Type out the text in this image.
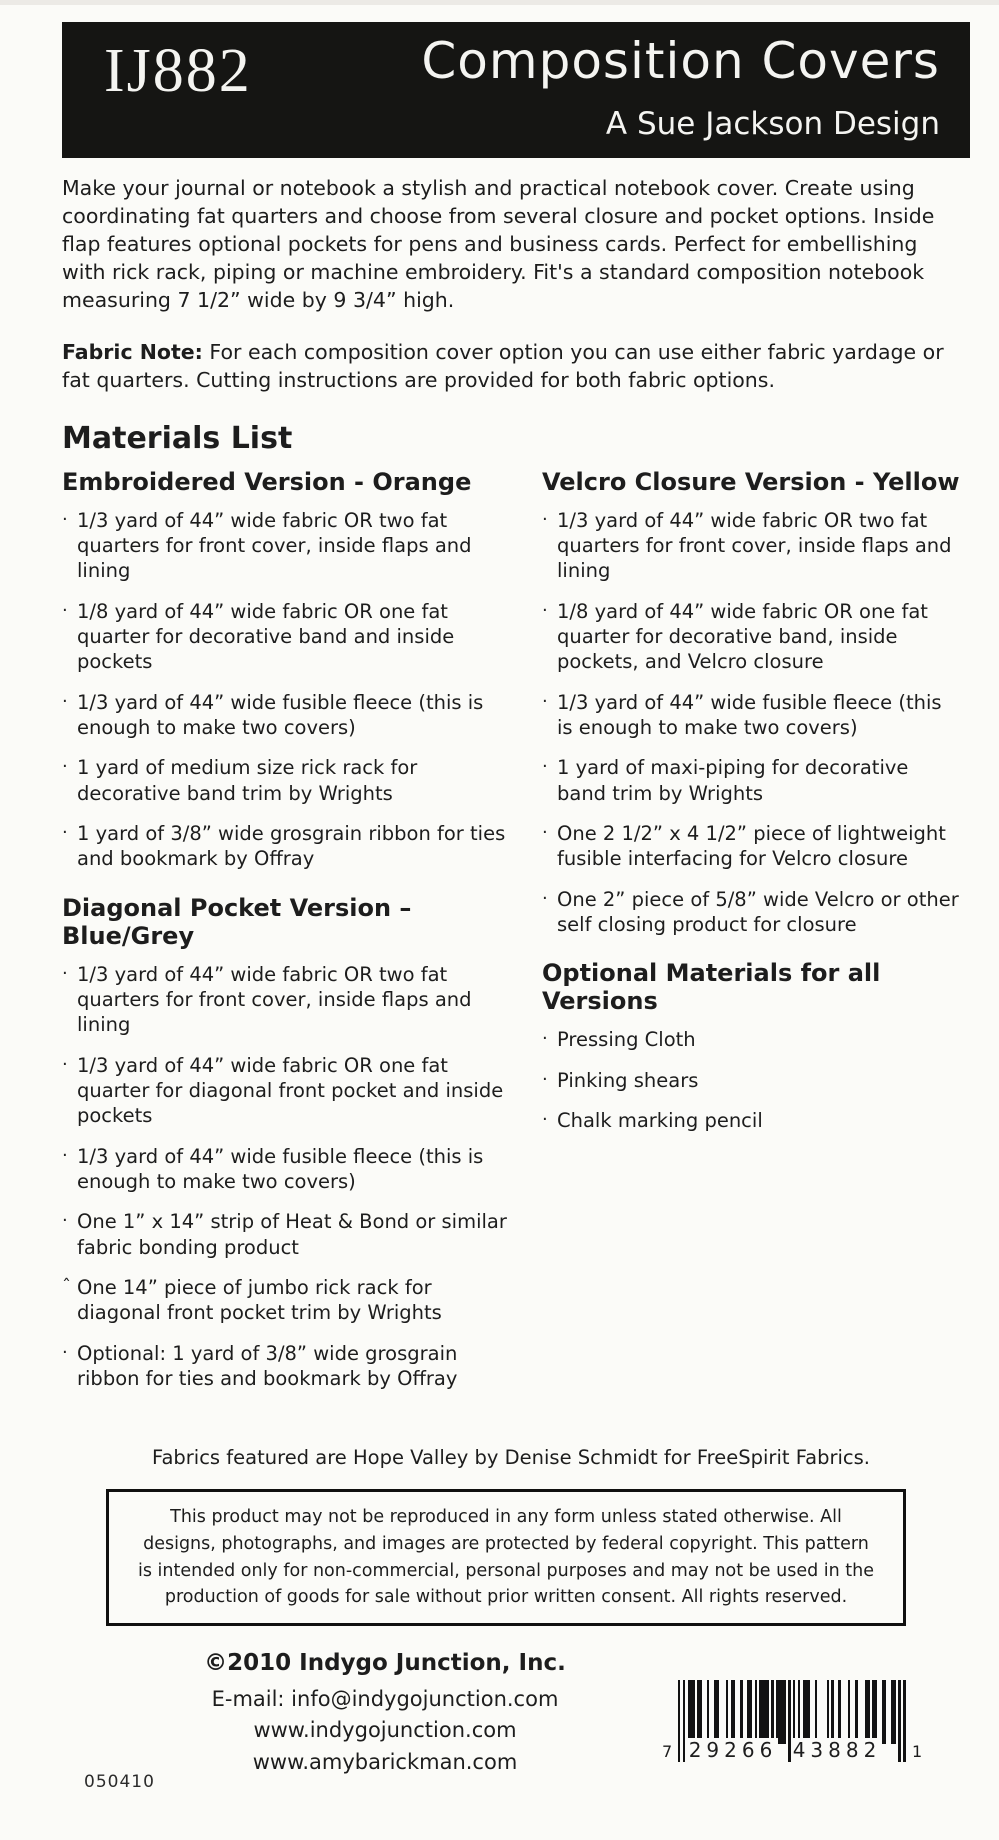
IJ882	Composition Covers
A Sue Jackson Design

Make your journal or notebook a stylish and practical notebook cover. Create using coordinating fat quarters and choose from several closure and pocket options. Inside flap features optional pockets for pens and business cards. Perfect for embellishing with rick rack, piping or machine embroidery. Fit's a standard composition notebook measuring 7 1/2” wide by 9 3/4” high.

Fabric Note: For each composition cover option you can use either fabric yardage or fat quarters. Cutting instructions are provided for both fabric options.

Materials List
Embroidered Version - Orange
· 1/3 yard of 44” wide fabric OR two fat quarters for front cover, inside flaps and lining
· 1/8 yard of 44” wide fabric OR one fat quarter for decorative band and inside pockets
· 1/3 yard of 44” wide fusible fleece (this is enough to make two covers)
· 1 yard of medium size rick rack for decorative band trim by Wrights
· 1 yard of 3/8” wide grosgrain ribbon for ties and bookmark by Offray
Diagonal Pocket Version – Blue/Grey
· 1/3 yard of 44” wide fabric OR two fat quarters for front cover, inside flaps and lining
· 1/3 yard of 44” wide fabric OR one fat quarter for diagonal front pocket and inside pockets
· 1/3 yard of 44” wide fusible fleece (this is enough to make two covers)
· One 1” x 14” strip of Heat & Bond or similar fabric bonding product
ˆ One 14” piece of jumbo rick rack for diagonal front pocket trim by Wrights
· Optional: 1 yard of 3/8” wide grosgrain ribbon for ties and bookmark by Offray
Velcro Closure Version - Yellow
· 1/3 yard of 44” wide fabric OR two fat quarters for front cover, inside flaps and lining
· 1/8 yard of 44” wide fabric OR one fat quarter for decorative band, inside pockets, and Velcro closure
· 1/3 yard of 44” wide fusible fleece (this is enough to make two covers)
· 1 yard of maxi-piping for decorative band trim by Wrights
· One 2 1/2” x 4 1/2” piece of lightweight fusible interfacing for Velcro closure
· One 2” piece of 5/8” wide Velcro or other self closing product for closure
Optional Materials for all Versions
· Pressing Cloth
· Pinking shears
· Chalk marking pencil
Fabrics featured are Hope Valley by Denise Schmidt for FreeSpirit Fabrics.
This product may not be reproduced in any form unless stated otherwise. All designs, photographs, and images are protected by federal copyright. This pattern is intended only for non-commercial, personal purposes and may not be used in the production of goods for sale without prior written consent. All rights reserved.

©2010 Indygo Junction, Inc.

E-mail: info@indygojunction.com

www.indygojunction.com

www.amybarickman.com	7 29266 43882 1
050410
